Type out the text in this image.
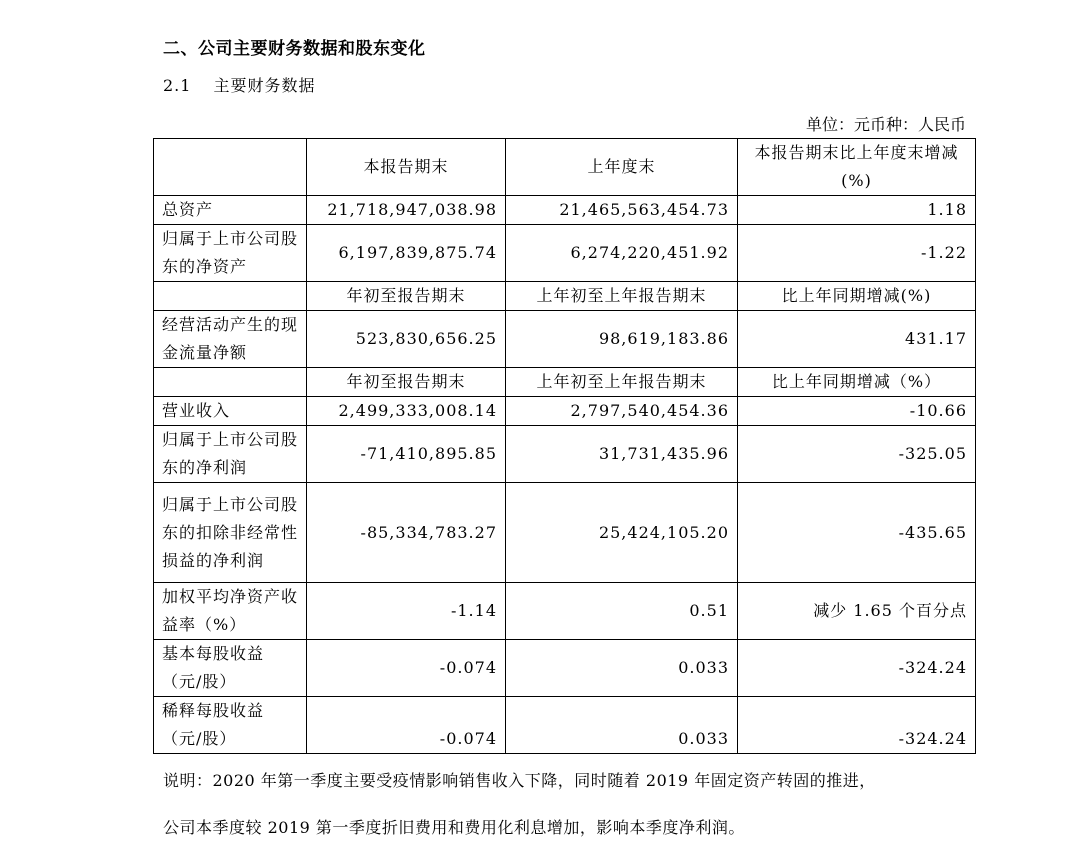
二、公司主要财务数据和股东变化
2.1 主要财务数据
单位：元币种：人民币
	本报告期末	上年度末	本报告期末比上年度末增减(%)
总资产	21,718,947,038.98	21,465,563,454.73	1.18
归属于上市公司股东的净资产	6,197,839,875.74	6,274,220,451.92	-1.22
	年初至报告期末	上年初至上年报告期末	比上年同期增减(%)
经营活动产生的现金流量净额	523,830,656.25	98,619,183.86	431.17
	年初至报告期末	上年初至上年报告期末	比上年同期增减（%）
营业收入	2,499,333,008.14	2,797,540,454.36	-10.66
归属于上市公司股东的净利润	-71,410,895.85	31,731,435.96	-325.05
归属于上市公司股东的扣除非经常性损益的净利润	-85,334,783.27	25,424,105.20	-435.65
加权平均净资产收益率（%）	-1.14	0.51	减少 1.65 个百分点
基本每股收益（元/股）	-0.074	0.033	-324.24
稀释每股收益（元/股）	-0.074	0.033	-324.24
说明：2020 年第一季度主要受疫情影响销售收入下降，同时随着 2019 年固定资产转固的推进，
公司本季度较 2019 第一季度折旧费用和费用化利息增加，影响本季度净利润。
